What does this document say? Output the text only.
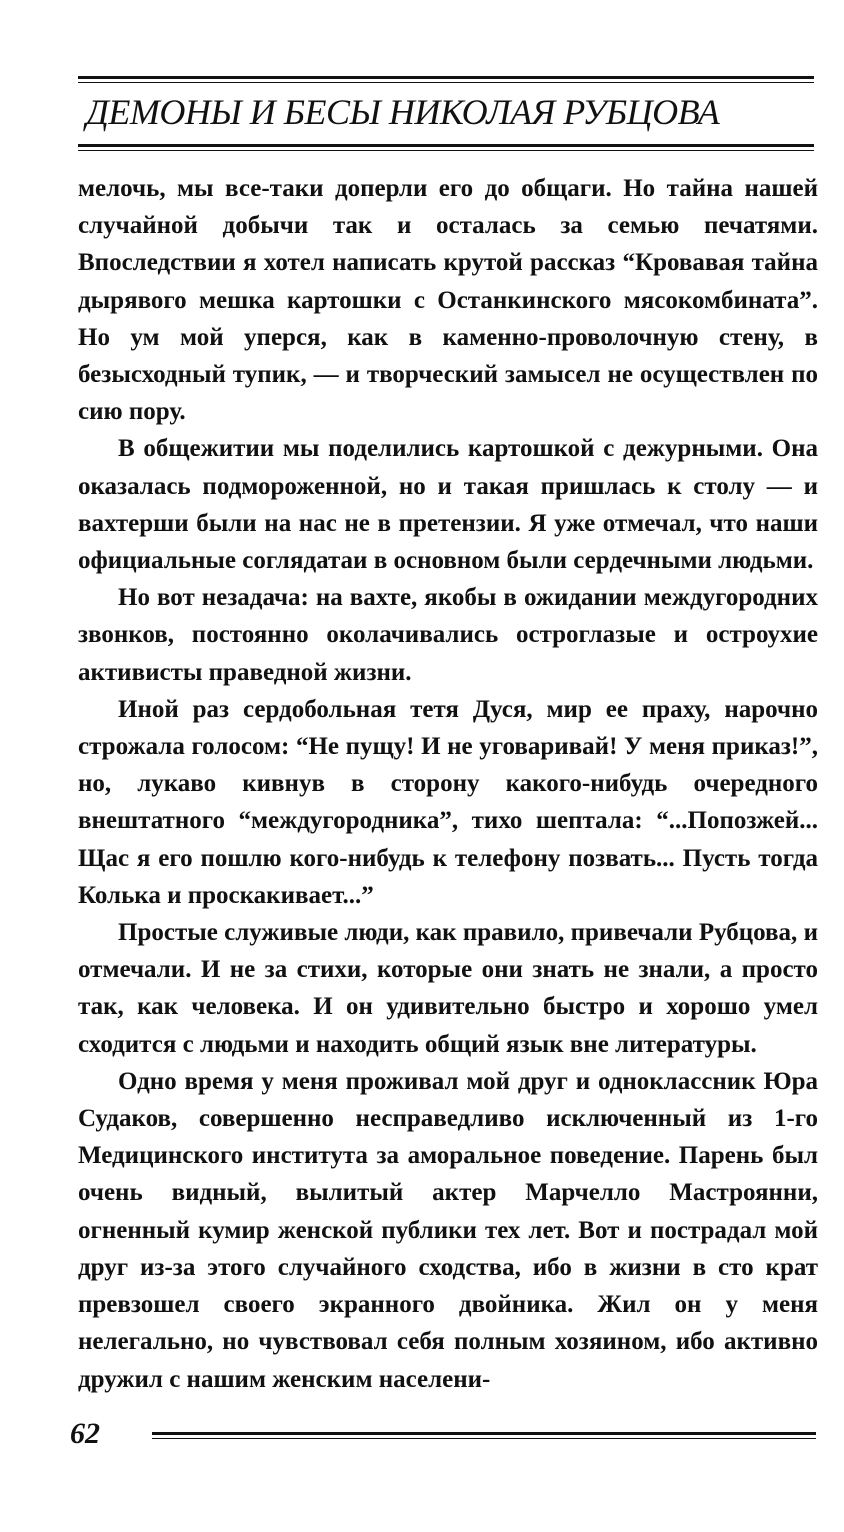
ДЕМОНЫ И БЕСЫ НИКОЛАЯ РУБЦОВА

мелочь, мы все-таки доперли его до общаги. Но тайна нашей случайной добычи так и осталась за семью печатями. Впоследствии я хотел написать крутой рассказ “Кровавая тайна дырявого мешка картошки с Останкинского мясокомбината”. Но ум мой уперся, как в каменно-проволочную стену, в безысходный тупик, — и творческий замысел не осуществлен по сию пору.

В общежитии мы поделились картошкой с дежурными. Она оказалась подмороженной, но и такая пришлась к столу — и вахтерши были на нас не в претензии. Я уже отмечал, что наши официальные соглядатаи в основном были сердечными людьми.

Но вот незадача: на вахте, якобы в ожидании междугородних звонков, постоянно околачивались остроглазые и остроухие активисты праведной жизни.

Иной раз сердобольная тетя Дуся, мир ее праху, нарочно строжала голосом: “Не пущу! И не уговаривай! У меня приказ!”, но, лукаво кивнув в сторону какого-нибудь очередного внештатного “междугородника”, тихо шептала: “...Попозжей... Щас я его пошлю кого-нибудь к телефону позвать... Пусть тогда Колька и проскакивает...”

Простые служивые люди, как правило, привечали Рубцова, и отмечали. И не за стихи, которые они знать не знали, а просто так, как человека. И он удивительно быстро и хорошо умел сходится с людьми и находить общий язык вне литературы.

Одно время у меня проживал мой друг и одноклассник Юра Судаков, совершенно несправедливо исключенный из 1-го Медицинского института за аморальное поведение. Парень был очень видный, вылитый актер Марчелло Мастроянни, огненный кумир женской публики тех лет. Вот и пострадал мой друг из-за этого случайного сходства, ибо в жизни в сто крат превзошел своего экранного двойника. Жил он у меня нелегально, но чувствовал себя полным хозяином, ибо активно дружил с нашим женским населени-

62
